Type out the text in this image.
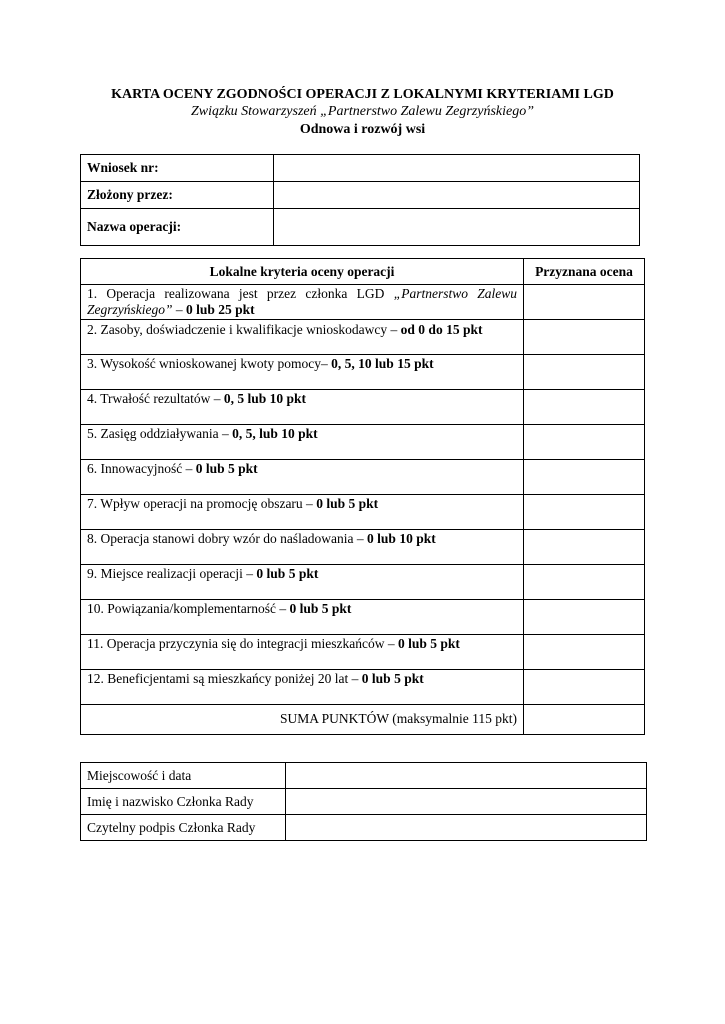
KARTA OCENY ZGODNOŚCI OPERACJI Z LOKALNYMI KRYTERIAMI LGD
Związku Stowarzyszeń „Partnerstwo Zalewu Zegrzyńskiego”
Odnowa i rozwój wsi
Wniosek nr:	
Złożony przez:	
Nazwa operacji:	
Lokalne kryteria oceny operacji	Przyznana ocena
1. Operacja realizowana jest przez członka LGD „Partnerstwo Zalewu Zegrzyńskiego” – 0 lub 25 pkt	
2. Zasoby, doświadczenie i kwalifikacje wnioskodawcy – od 0 do 15 pkt	
3. Wysokość wnioskowanej kwoty pomocy– 0, 5, 10 lub 15 pkt	
4. Trwałość rezultatów – 0, 5 lub 10 pkt	
5. Zasięg oddziaływania – 0, 5, lub 10 pkt	
6. Innowacyjność – 0 lub 5 pkt	
7. Wpływ operacji na promocję obszaru – 0 lub 5 pkt	
8. Operacja stanowi dobry wzór do naśladowania – 0 lub 10 pkt	
9. Miejsce realizacji operacji – 0 lub 5 pkt	
10. Powiązania/komplementarność – 0 lub 5 pkt	
11. Operacja przyczynia się do integracji mieszkańców – 0 lub 5 pkt	
12. Beneficjentami są mieszkańcy poniżej 20 lat – 0 lub 5 pkt	
SUMA PUNKTÓW (maksymalnie 115 pkt)	
Miejscowość i data	
Imię i nazwisko Członka Rady	
Czytelny podpis Członka Rady	
